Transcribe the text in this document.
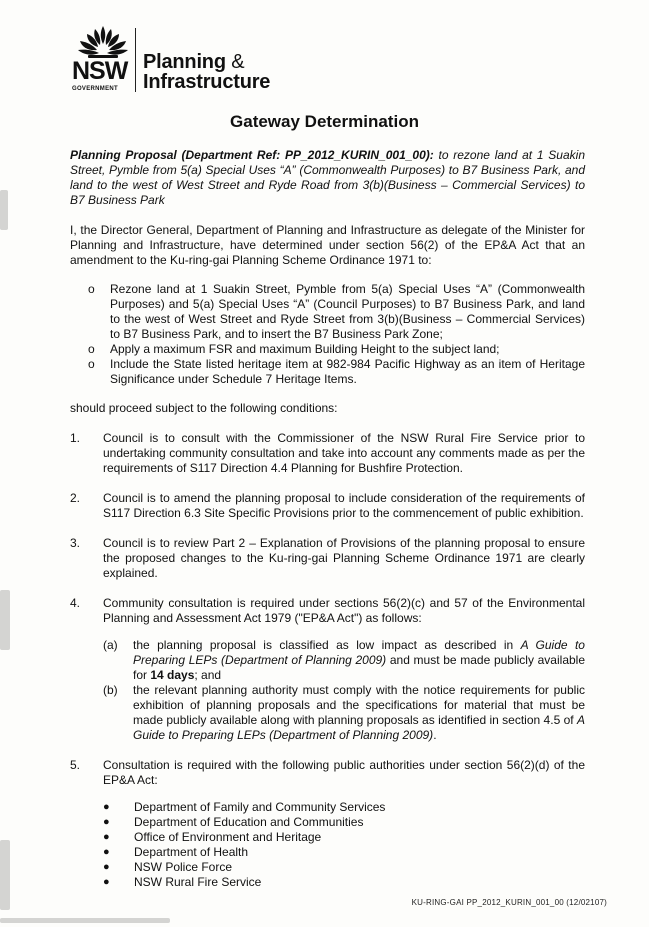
NSW
GOVERNMENT
Planning &
Infrastructure
Gateway Determination

Planning Proposal (Department Ref: PP_2012_KURIN_001_00): to rezone land at 1 Suakin Street, Pymble from 5(a) Special Uses “A” (Commonwealth Purposes) to B7 Business Park, and land to the west of West Street and Ryde Road from 3(b)(Business – Commercial Services) to B7 Business Park

I, the Director General, Department of Planning and Infrastructure as delegate of the Minister for Planning and Infrastructure, have determined under section 56(2) of the EP&A Act that an amendment to the Ku-ring-gai Planning Scheme Ordinance 1971 to:

o Rezone land at 1 Suakin Street, Pymble from 5(a) Special Uses “A” (Commonwealth Purposes) and 5(a) Special Uses “A” (Council Purposes) to B7 Business Park, and land to the west of West Street and Ryde Street from 3(b)(Business – Commercial Services) to B7 Business Park, and to insert the B7 Business Park Zone;
o Apply a maximum FSR and maximum Building Height to the subject land;
o Include the State listed heritage item at 982-984 Pacific Highway as an item of Heritage Significance under Schedule 7 Heritage Items.

should proceed subject to the following conditions:

1. Council is to consult with the Commissioner of the NSW Rural Fire Service prior to undertaking community consultation and take into account any comments made as per the requirements of S117 Direction 4.4 Planning for Bushfire Protection.
2. Council is to amend the planning proposal to include consideration of the requirements of S117 Direction 6.3 Site Specific Provisions prior to the commencement of public exhibition.
3. Council is to review Part 2 – Explanation of Provisions of the planning proposal to ensure the proposed changes to the Ku-ring-gai Planning Scheme Ordinance 1971 are clearly explained.
4. Community consultation is required under sections 56(2)(c) and 57 of the Environmental Planning and Assessment Act 1979 ("EP&A Act") as follows:
(a) the planning proposal is classified as low impact as described in A Guide to Preparing LEPs (Department of Planning 2009) and must be made publicly available for 14 days; and
(b) the relevant planning authority must comply with the notice requirements for public exhibition of planning proposals and the specifications for material that must be made publicly available along with planning proposals as identified in section 4.5 of A Guide to Preparing LEPs (Department of Planning 2009).
5. Consultation is required with the following public authorities under section 56(2)(d) of the EP&A Act:
● Department of Family and Community Services
● Department of Education and Communities
● Office of Environment and Heritage
● Department of Health
● NSW Police Force
● NSW Rural Fire Service
KU-RING-GAI PP_2012_KURIN_001_00 (12/02107)
